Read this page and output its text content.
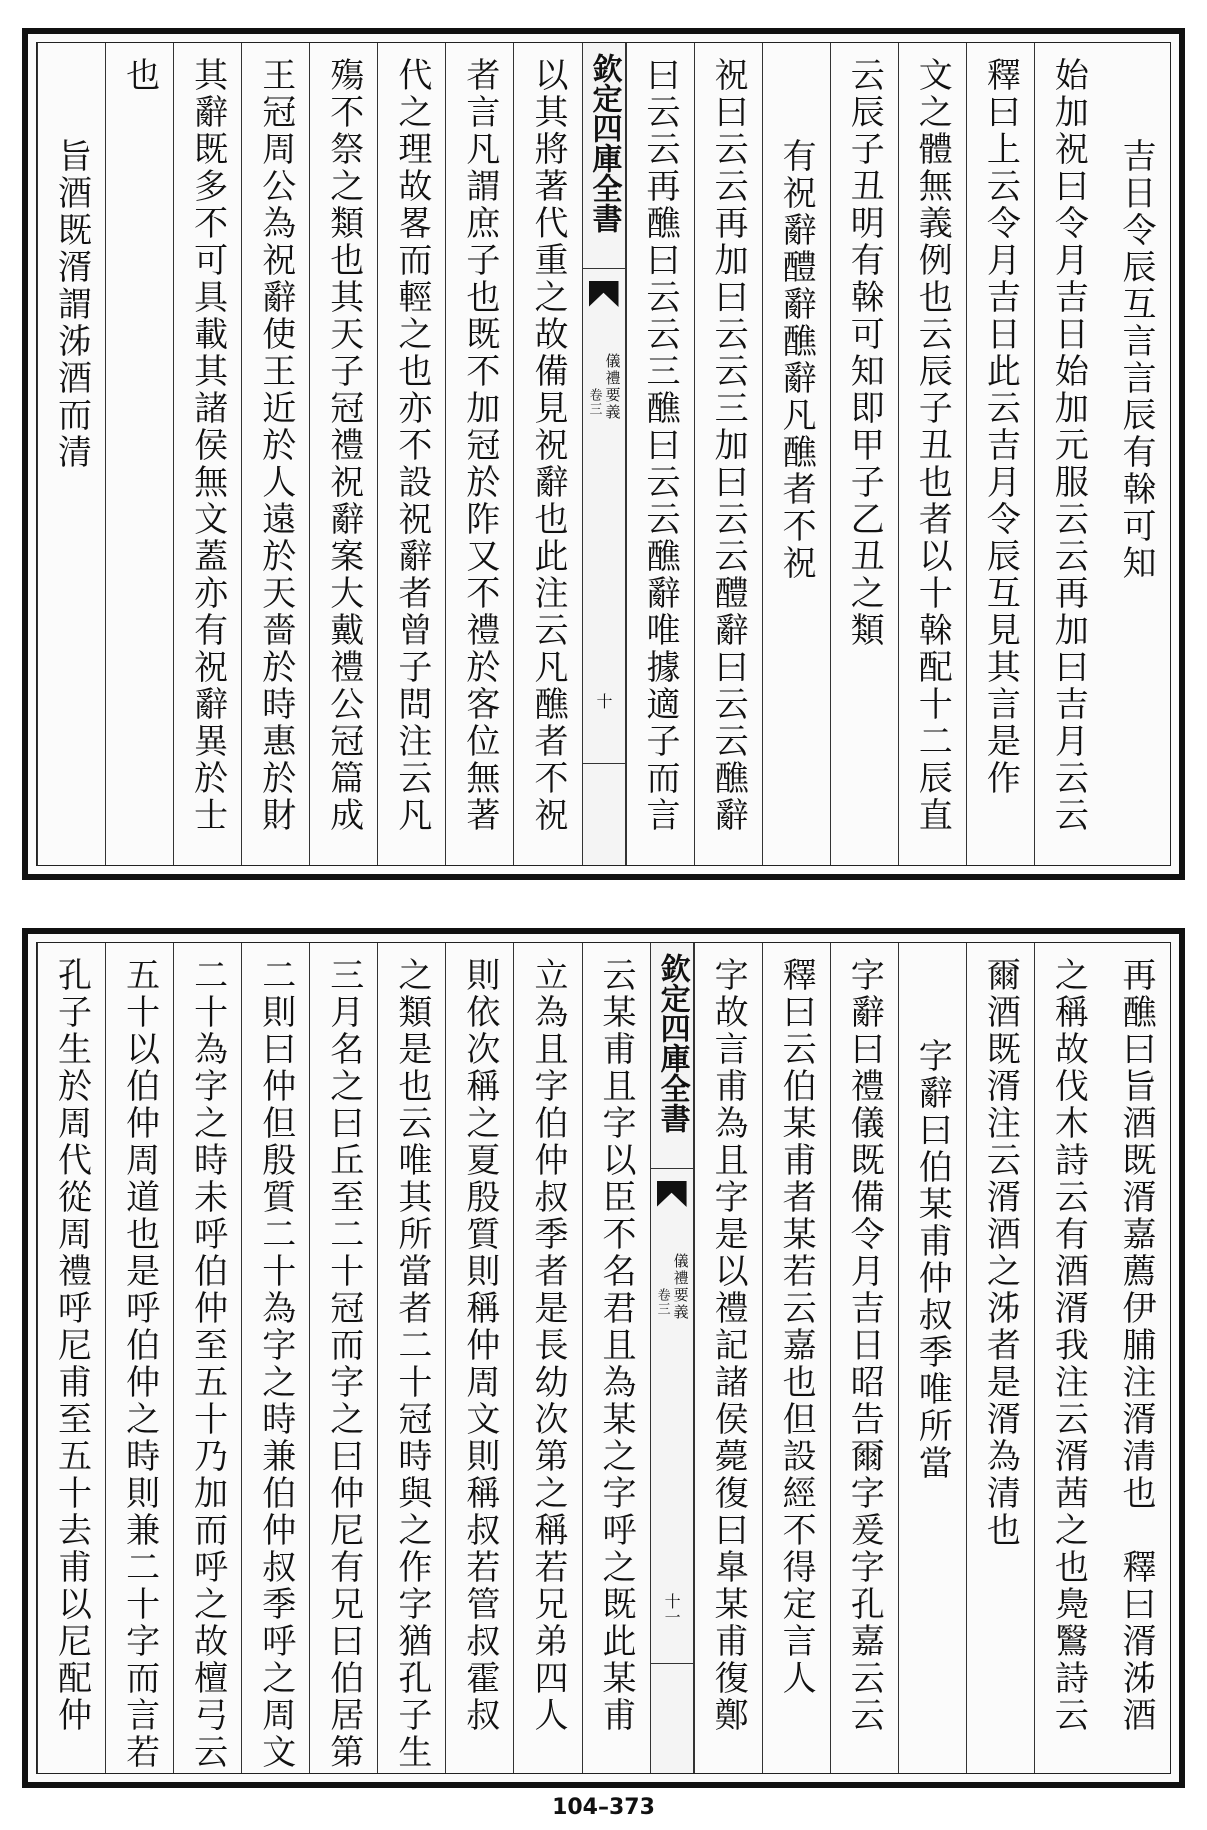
吉日令辰互言言辰有榦可知
始加祝曰令月吉日始加元服云云再加曰吉月云云
釋曰上云令月吉日此云吉月令辰互見其言是作
文之體無義例也云辰子丑也者以十榦配十二辰直
云辰子丑明有榦可知即甲子乙丑之類
有祝辭醴辭醮辭凡醮者不祝
祝曰云云再加曰云云三加曰云云醴辭曰云云醮辭
曰云云再醮曰云云三醮曰云云醮辭唯據適子而言
欽定四庫全書
儀禮要義
卷三
十
以其將著代重之故備見祝辭也此注云凡醮者不祝
者言凡謂庶子也既不加冠於阼又不禮於客位無著
代之理故畧而輕之也亦不設祝辭者曾子問注云凡
殤不祭之類也其天子冠禮祝辭案大戴禮公冠篇成
王冠周公為祝辭使王近於人遠於天嗇於時惠於財
其辭既多不可具載其諸侯無文蓋亦有祝辭異於士
也
旨酒既湑謂泲酒而清
再醮曰旨酒既湑嘉薦伊脯注湑清也　釋曰湑泲酒
之稱故伐木詩云有酒湑我注云湑茜之也鳧鷖詩云
爾酒既湑注云湑酒之泲者是湑為清也
字辭曰伯某甫仲叔季唯所當
字辭曰禮儀既備令月吉日昭告爾字爰字孔嘉云云
釋曰云伯某甫者某若云嘉也但設經不得定言人
字故言甫為且字是以禮記諸侯薨復曰臯某甫復鄭
欽定四庫全書
儀禮要義
卷三
十一
云某甫且字以臣不名君且為某之字呼之既此某甫
立為且字伯仲叔季者是長幼次第之稱若兄弟四人
則依次稱之夏殷質則稱仲周文則稱叔若管叔霍叔
之類是也云唯其所當者二十冠時與之作字猶孔子生
三月名之曰丘至二十冠而字之曰仲尼有兄曰伯居第
二則曰仲但殷質二十為字之時兼伯仲叔季呼之周文
二十為字之時未呼伯仲至五十乃加而呼之故檀弓云
五十以伯仲周道也是呼伯仲之時則兼二十字而言若
孔子生於周代從周禮呼尼甫至五十去甫以尼配仲
104–373
